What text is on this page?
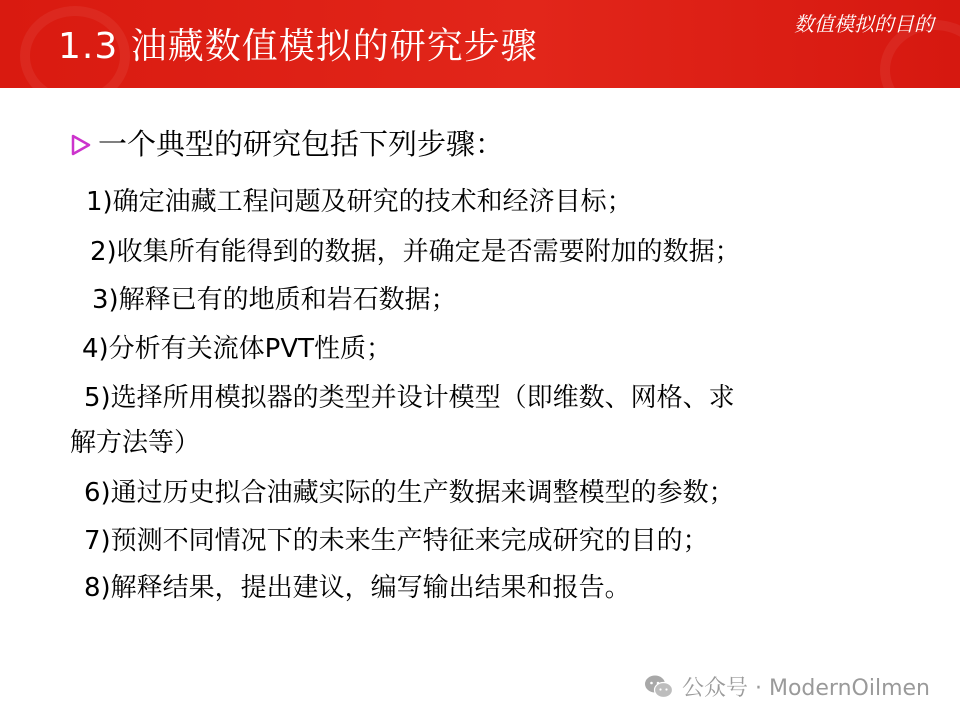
1.3 油藏数值模拟的研究步骤
数值模拟的目的
一个典型的研究包括下列步骤：
1)确定油藏工程问题及研究的技术和经济目标；
2)收集所有能得到的数据，并确定是否需要附加的数据；
3)解释已有的地质和岩石数据；
4)分析有关流体PVT性质；
5)选择所用模拟器的类型并设计模型（即维数、网格、求
解方法等）
6)通过历史拟合油藏实际的生产数据来调整模型的参数；
7)预测不同情况下的未来生产特征来完成研究的目的；
8)解释结果，提出建议，编写输出结果和报告。
公众号 · ModernOilmen
